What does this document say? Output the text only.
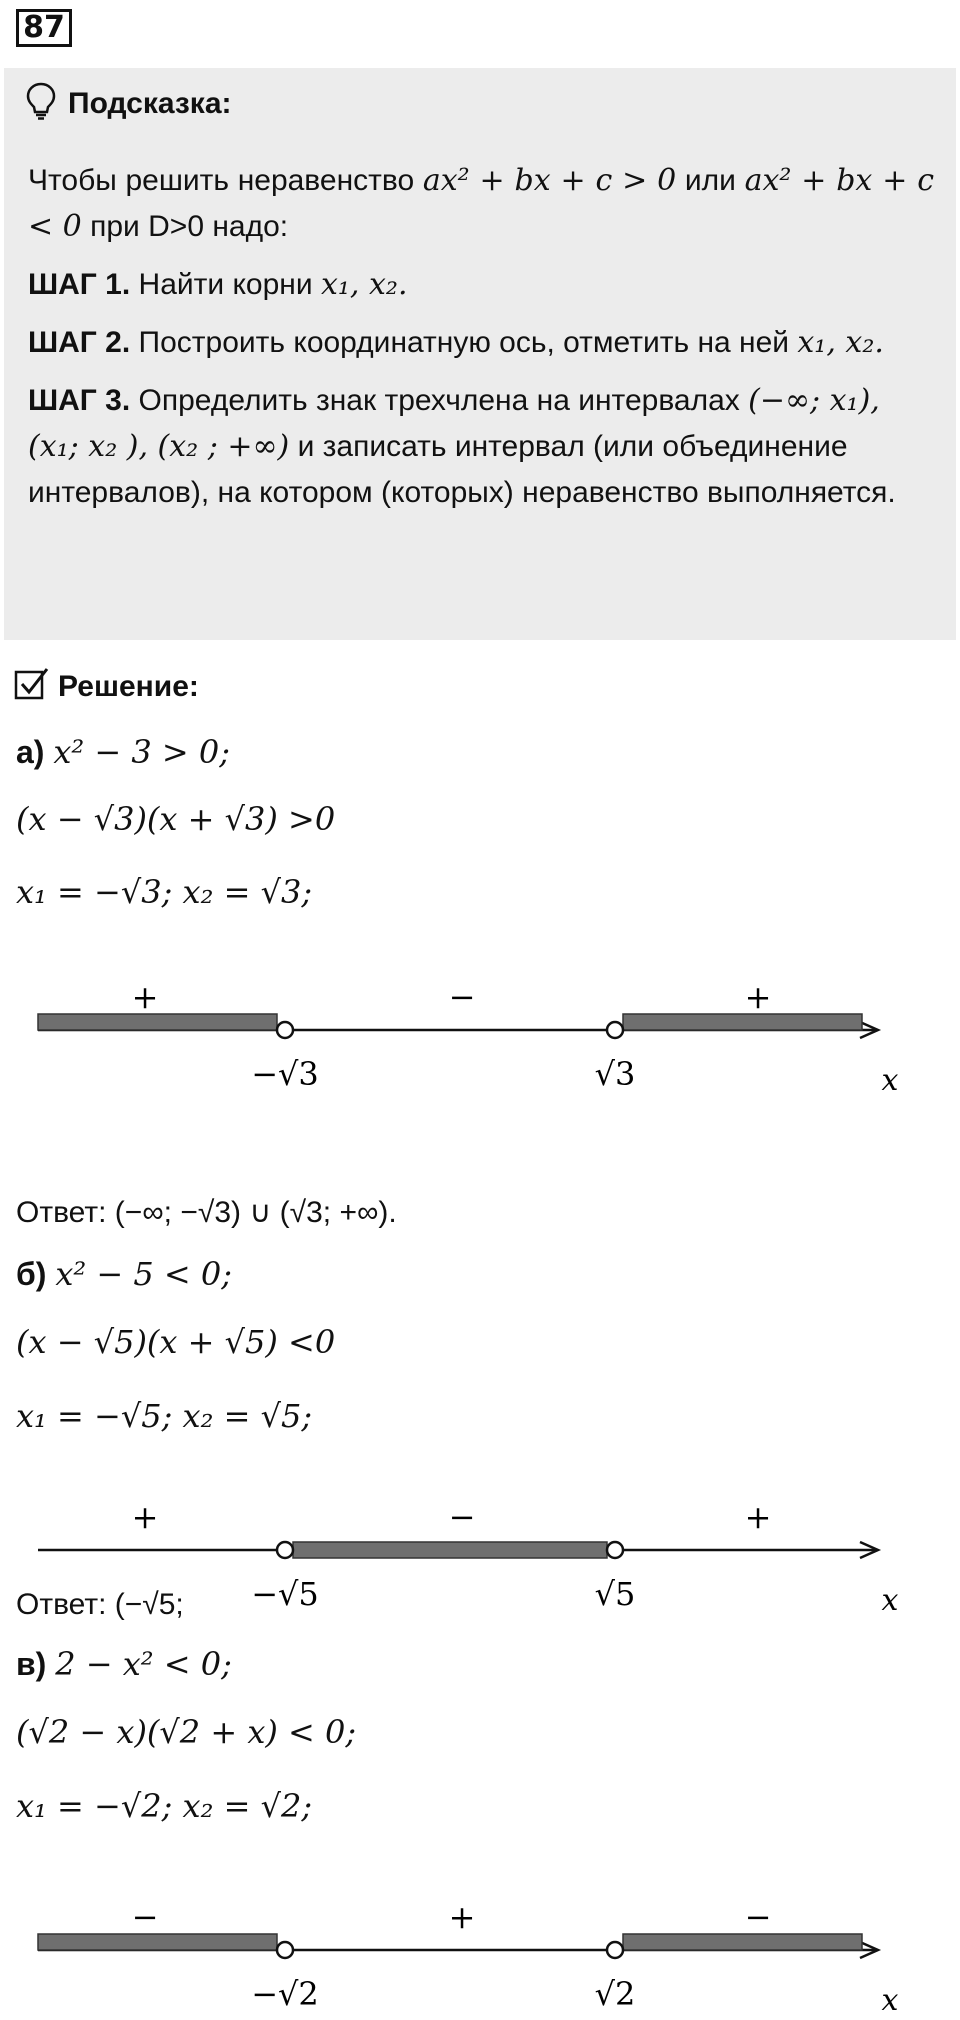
87
Подсказка:

Чтобы решить неравенство ax² + bx + c > 0 или ax² + bx + c < 0 при D>0 надо:

ШАГ 1. Найти корни x₁, x₂.

ШАГ 2. Построить координатную ось, отметить на ней x₁, x₂.

ШАГ 3. Определить знак трехчлена на интервалах (−∞; x₁), (x₁; x₂ ), (x₂ ; +∞) и записать интервал (или объединение интервалов), на котором (которых) неравенство выполняется.

Решение:
а) x² − 3 > 0;
(x − √3)(x + √3) >0
x₁ = −√3; x₂ = √3;
+	−	+
−√3	√3	x
Ответ: (−∞; −√3) ∪ (√3; +∞).
б) x² − 5 < 0;
(x − √5)(x + √5) <0
x₁ = −√5; x₂ = √5;
+	−	+
−√5	√5	x
Ответ: (−√5;
в) 2 − x² < 0;
(√2 − x)(√2 + x) < 0;
x₁ = −√2; x₂ = √2;
−	+	−
−√2	√2	x
